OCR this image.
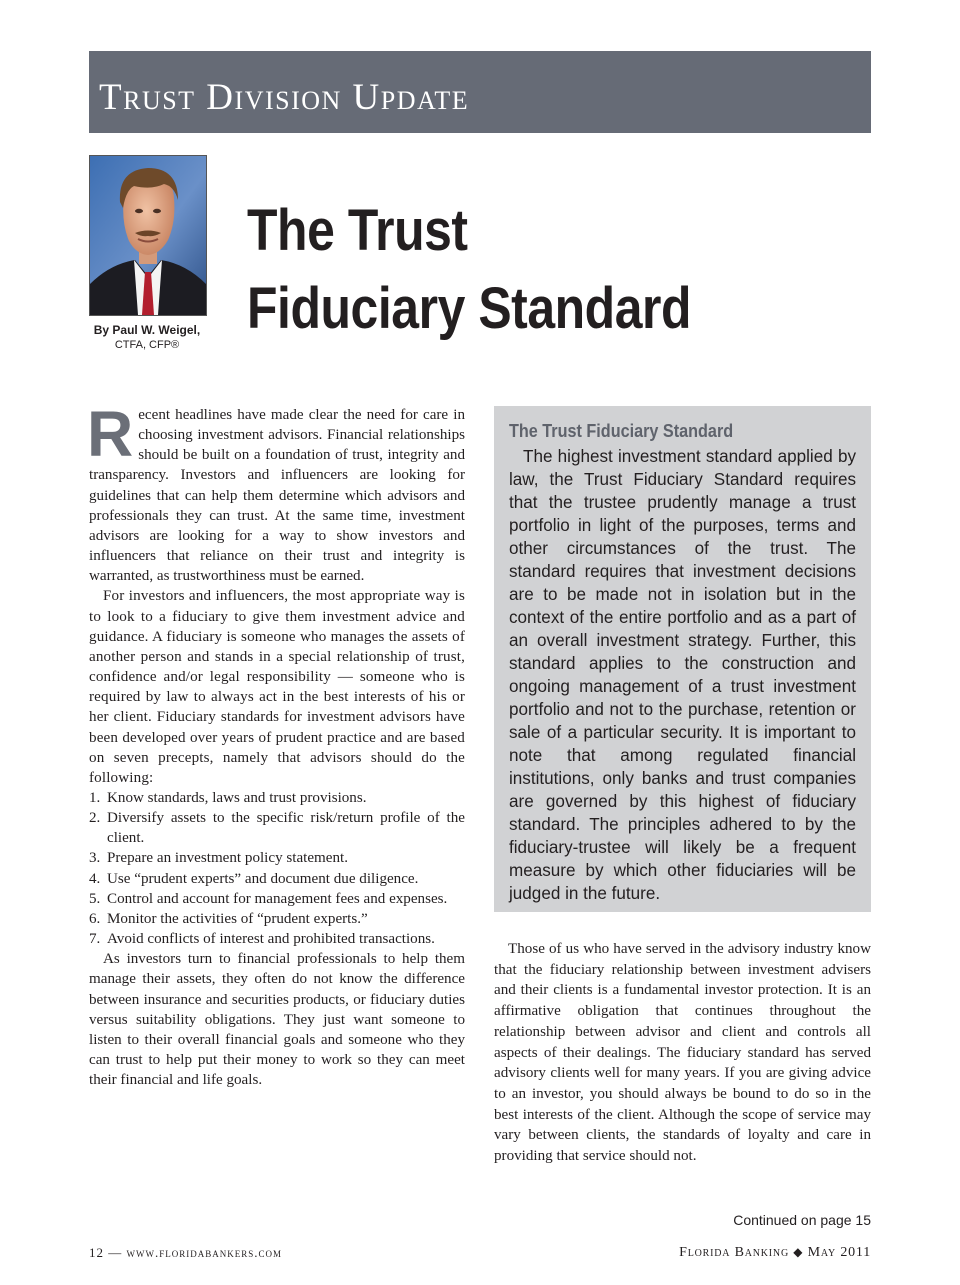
Trust Division Update
By Paul W. Weigel,
CTFA, CFP®
The Trust
Fiduciary Standard

Recent headlines have made clear the need for care in choosing investment advisors. Financial relationships should be built on a foundation of trust, integrity and transparency. Investors and influencers are looking for guidelines that can help them determine which advisors and professionals they can trust. At the same time, investment advisors are looking for a way to show investors and influencers that reliance on their trust and integrity is warranted, as trustworthiness must be earned.

For investors and influencers, the most appropriate way is to look to a fiduciary to give them investment advice and guidance. A fiduciary is someone who manages the assets of another person and stands in a special relationship of trust, confidence and/or legal responsibility — someone who is required by law to always act in the best interests of his or her client. Fiduciary standards for investment advisors have been developed over years of prudent practice and are based on seven precepts, namely that advisors should do the following:

1. Know standards, laws and trust provisions.
2. Diversify assets to the specific risk/return profile of the client.
3. Prepare an investment policy statement.
4. Use “prudent experts” and document due diligence.
5. Control and account for management fees and expenses.
6. Monitor the activities of “prudent experts.”
7. Avoid conflicts of interest and prohibited transactions.

As investors turn to financial professionals to help them manage their assets, they often do not know the difference between insurance and securities products, or fiduciary duties versus suitability obligations. They just want someone to listen to their overall financial goals and someone who they can trust to help put their money to work so they can meet their financial and life goals.

The Trust Fiduciary Standard

The highest investment standard applied by law, the Trust Fiduciary Standard requires that the trustee prudently manage a trust portfolio in light of the purposes, terms and other circumstances of the trust. The standard requires that investment decisions are to be made not in isolation but in the context of the entire portfolio and as a part of an overall investment strategy. Further, this standard applies to the construction and ongoing management of a trust investment portfolio and not to the purchase, retention or sale of a particular security. It is important to note that among regulated financial institutions, only banks and trust companies are governed by this highest of fiduciary standard. The principles adhered to by the fiduciary-trustee will likely be a frequent measure by which other fiduciaries will be judged in the future.

Those of us who have served in the advisory industry know that the fiduciary relationship between investment advisers and their clients is a fundamental investor protection. It is an affirmative obligation that continues throughout the relationship between advisor and client and controls all aspects of their dealings. The fiduciary standard has served advisory clients well for many years. If you are giving advice to an investor, you should always be bound to do so in the best interests of the client. Although the scope of service may vary between clients, the standards of loyalty and care in providing that service should not.

Continued on page 15

12 — www.floridabankers.com	Florida Banking ◆ May 2011
